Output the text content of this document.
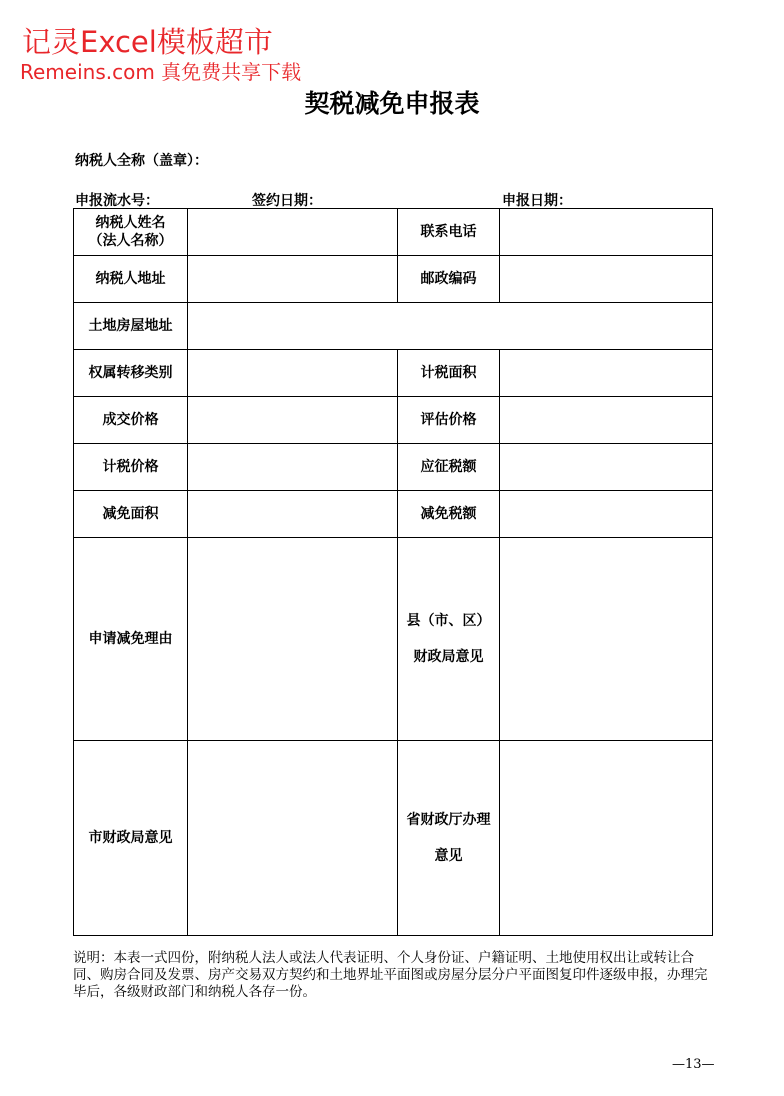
记灵Excel模板超市
Remeins.com 真免费共享下载
契税减免申报表
纳税人全称（盖章）：
申报流水号：	签约日期：	申报日期：
纳税人姓名
（法人名称）		联系电话	
纳税人地址		邮政编码	
土地房屋地址			
权属转移类别		计税面积	
成交价格		评估价格	
计税价格		应征税额	
减免面积		减免税额	
申请减免理由		县（市、区）
财政局意见	

市财政局意见		省财政厅办理
意见	

说明：本表一式四份，附纳税人法人或法人代表证明、个人身份证、户籍证明、土地使用权出让或转让合同、购房合同及发票、房产交易双方契约和土地界址平面图或房屋分层分户平面图复印件逐级申报，办理完毕后，各级财政部门和纳税人各存一份。
—13—
